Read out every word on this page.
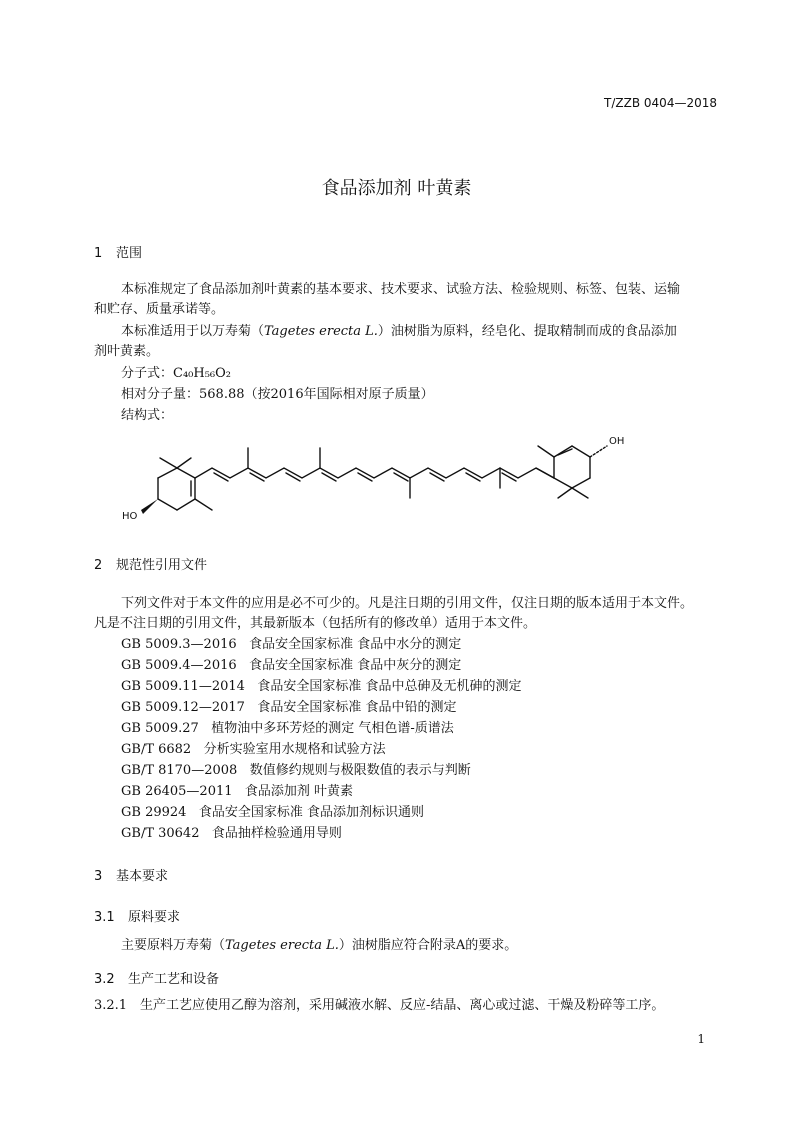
T/ZZB 0404—2018
食品添加剂 叶黄素
1 范围
本标准规定了食品添加剂叶黄素的基本要求、技术要求、试验方法、检验规则、标签、包装、运输
和贮存、质量承诺等。
本标准适用于以万寿菊（Tagetes erecta L.）油树脂为原料，经皂化、提取精制而成的食品添加
剂叶黄素。
分子式：C₄₀H₅₆O₂
相对分子量：568.88（按2016年国际相对原子质量）
结构式：
OH
HO
2 规范性引用文件
下列文件对于本文件的应用是必不可少的。凡是注日期的引用文件，仅注日期的版本适用于本文件。
凡是不注日期的引用文件，其最新版本（包括所有的修改单）适用于本文件。
GB 5009.3—2016 食品安全国家标准 食品中水分的测定
GB 5009.4—2016 食品安全国家标准 食品中灰分的测定
GB 5009.11—2014 食品安全国家标准 食品中总砷及无机砷的测定
GB 5009.12—2017 食品安全国家标准 食品中铅的测定
GB 5009.27 植物油中多环芳烃的测定 气相色谱-质谱法
GB/T 6682 分析实验室用水规格和试验方法
GB/T 8170—2008 数值修约规则与极限数值的表示与判断
GB 26405—2011 食品添加剂 叶黄素
GB 29924 食品安全国家标准 食品添加剂标识通则
GB/T 30642 食品抽样检验通用导则
3 基本要求
3.1 原料要求
主要原料万寿菊（Tagetes erecta L.）油树脂应符合附录A的要求。
3.2 生产工艺和设备
3.2.1 生产工艺应使用乙醇为溶剂，采用碱液水解、反应-结晶、离心或过滤、干燥及粉碎等工序。
1
